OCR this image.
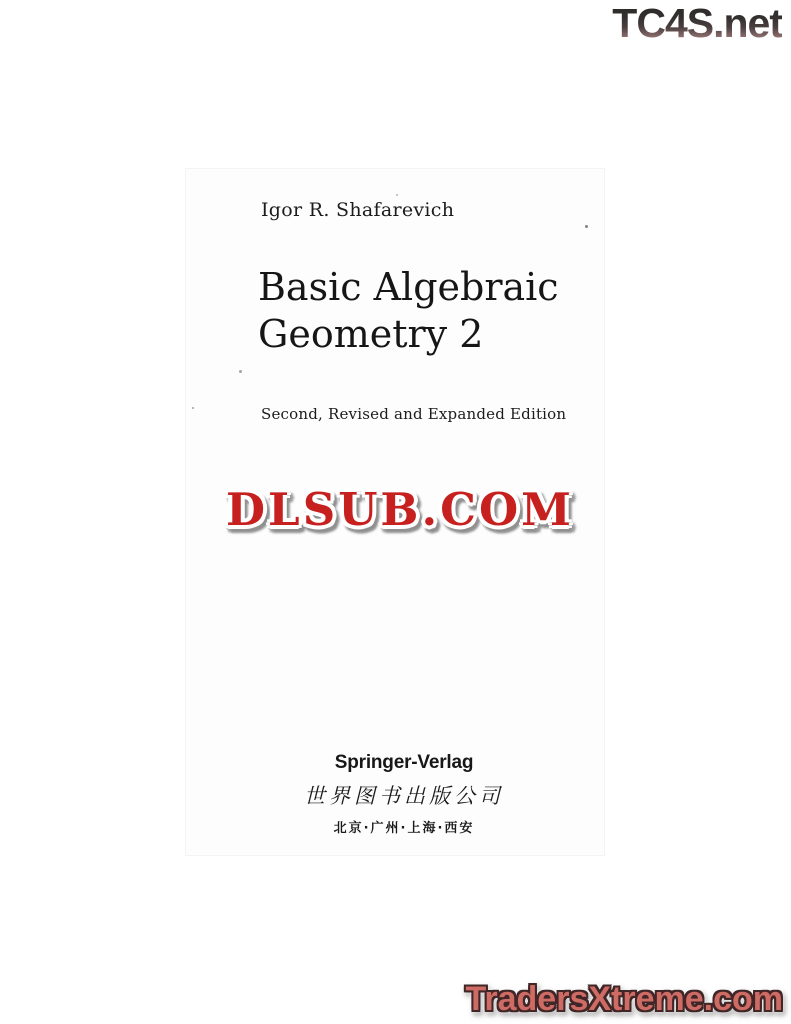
TC4S.net
Igor R. Shafarevich
Basic Algebraic
Geometry 2
Second, Revised and Expanded Edition
DLSUB.COM
Springer-Verlag
世界图书出版公司
北京·广州·上海·西安
TradersXtreme.com
